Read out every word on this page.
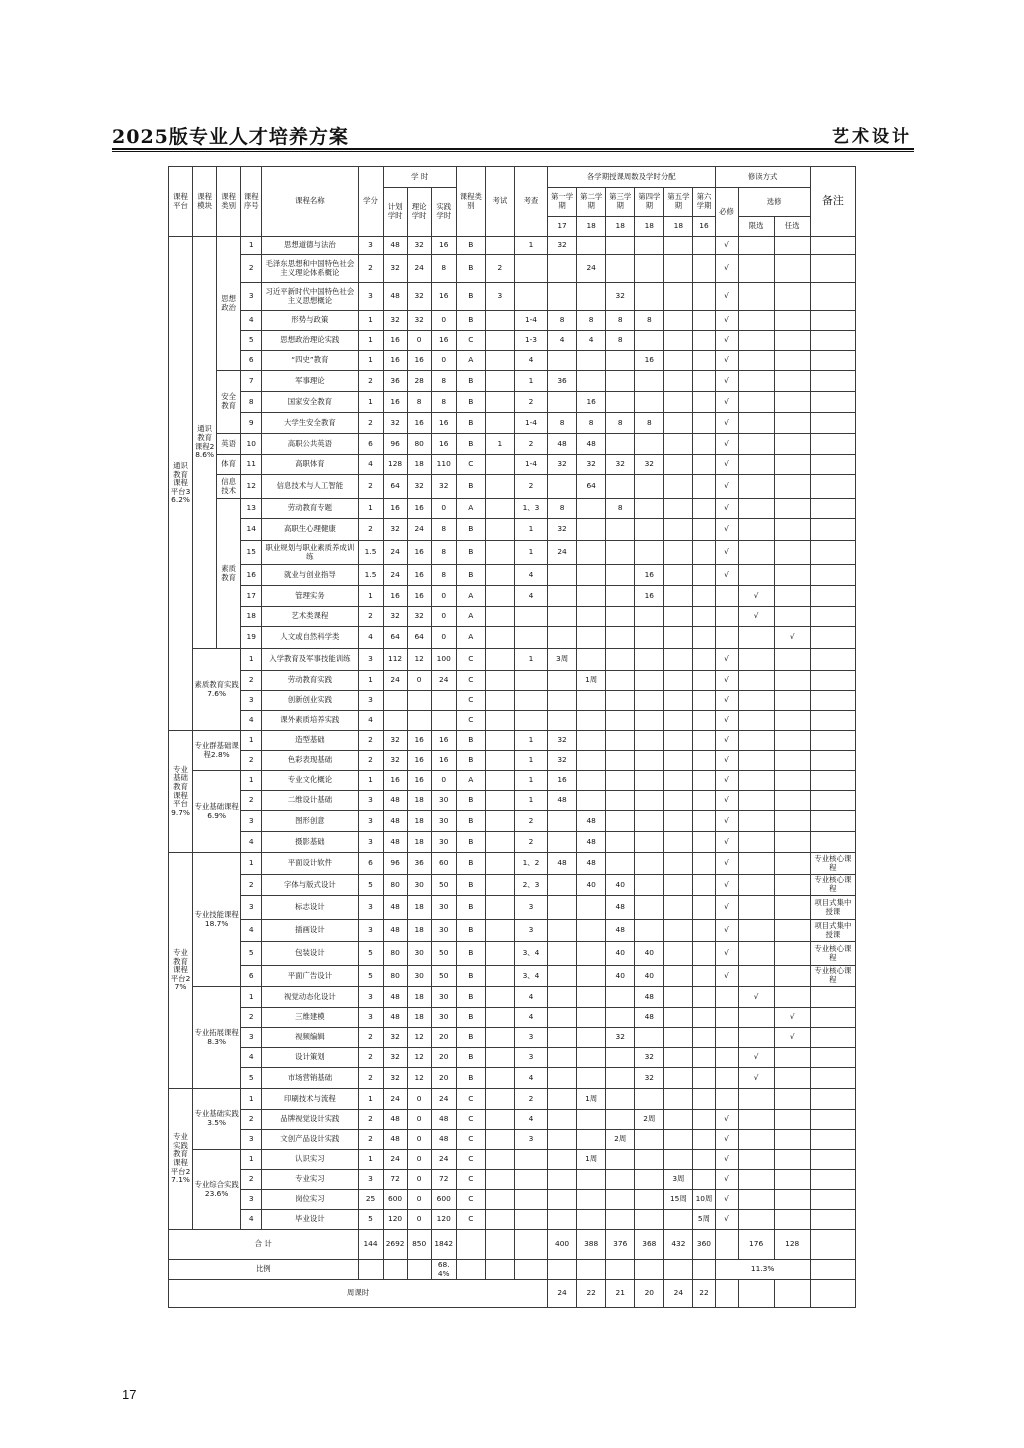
2025版专业人才培养方案	艺术设计
课程平台	课程模块	课程类别	课程序号	课程名称	学分	学 时			课程类别	考试	考查	各学期授课周数及学时分配						修读方式			备注
						计划学时	理论学时	实践学时				第一学期	第二学期	第三学期	第四学期	第五学期	第六学期	必修	选修		
												17	18	18	18	18	16		限选	任选	
通识教育课程平台36.2%	通识教育课程28.6%	思想政治	1	思想道德与法治	3	48	32	16	B		1	32						√			
			2	毛泽东思想和中国特色社会主义理论体系概论	2	32	24	8	B	2			24					√			
			3	习近平新时代中国特色社会主义思想概论	3	48	32	16	B	3				32				√			
			4	形势与政策	1	32	32	0	B		1-4	8	8	8	8			√			
			5	思想政治理论实践	1	16	0	16	C		1-3	4	4	8				√			
			6	“四史”教育	1	16	16	0	A		4				16			√			
		安全教育	7	军事理论	2	36	28	8	B		1	36						√			
			8	国家安全教育	1	16	8	8	B		2		16					√			
			9	大学生安全教育	2	32	16	16	B		1-4	8	8	8	8			√			
		英语	10	高职公共英语	6	96	80	16	B	1	2	48	48					√			
		体育	11	高职体育	4	128	18	110	C		1-4	32	32	32	32			√			
		信息技术	12	信息技术与人工智能	2	64	32	32	B		2		64					√			
		素质教育	13	劳动教育专题	1	16	16	0	A		1、3	8		8				√			
			14	高职生心理健康	2	32	24	8	B		1	32						√			
			15	职业规划与职业素质养成训练	1.5	24	16	8	B		1	24						√			
			16	就业与创业指导	1.5	24	16	8	B		4				16			√			
			17	管理实务	1	16	16	0	A		4				16				√		
			18	艺术类课程	2	32	32	0	A										√		
			19	人文或自然科学类	4	64	64	0	A											√	
	素质教育实践7.6%		1	入学教育及军事技能训练	3	112	12	100	C		1	3周						√			
			2	劳动教育实践	1	24	0	24	C				1周					√			
			3	创新创业实践	3				C									√			
			4	课外素质培养实践	4				C									√			
专业基础教育课程平台9.7%	专业群基础课程2.8%		1	造型基础	2	32	16	16	B		1	32						√			
			2	色彩表现基础	2	32	16	16	B		1	32						√			
	专业基础课程6.9%		1	专业文化概论	1	16	16	0	A		1	16						√			
			2	二维设计基础	3	48	18	30	B		1	48						√			
			3	图形创意	3	48	18	30	B		2		48					√			
			4	摄影基础	3	48	18	30	B		2		48					√			
专业教育课程平台27%	专业技能课程18.7%		1	平面设计软件	6	96	36	60	B		1、2	48	48					√			专业核心课程
			2	字体与版式设计	5	80	30	50	B		2、3		40	40				√			专业核心课程
			3	标志设计	3	48	18	30	B		3			48				√			项目式集中授课
			4	插画设计	3	48	18	30	B		3			48				√			项目式集中授课
			5	包装设计	5	80	30	50	B		3、4			40	40			√			专业核心课程
			6	平面广告设计	5	80	30	50	B		3、4			40	40			√			专业核心课程
	专业拓展课程8.3%		1	视觉动态化设计	3	48	18	30	B		4				48				√		
			2	三维建模	3	48	18	30	B		4				48					√	
			3	视频编辑	2	32	12	20	B		3			32						√	
			4	设计策划	2	32	12	20	B		3				32				√		
			5	市场营销基础	2	32	12	20	B		4				32				√		
专业实践教育课程平台27.1%	专业基础实践3.5%		1	印刷技术与流程	1	24	0	24	C		2		1周								
			2	品牌视觉设计实践	2	48	0	48	C		4				2周			√			
			3	文创产品设计实践	2	48	0	48	C		3			2周				√			
	专业综合实践23.6%		1	认识实习	1	24	0	24	C				1周					√			
			2	专业实习	3	72	0	72	C							3周		√			
			3	岗位实习	25	600	0	600	C							15周	10周	√			
			4	毕业设计	5	120	0	120	C								5周	√			
合 计					144	2692	850	1842				400	388	376	368	432	360		176	128	
比例								68.4%										11.3%			
周课时												24	22	21	20	24	22				
17
